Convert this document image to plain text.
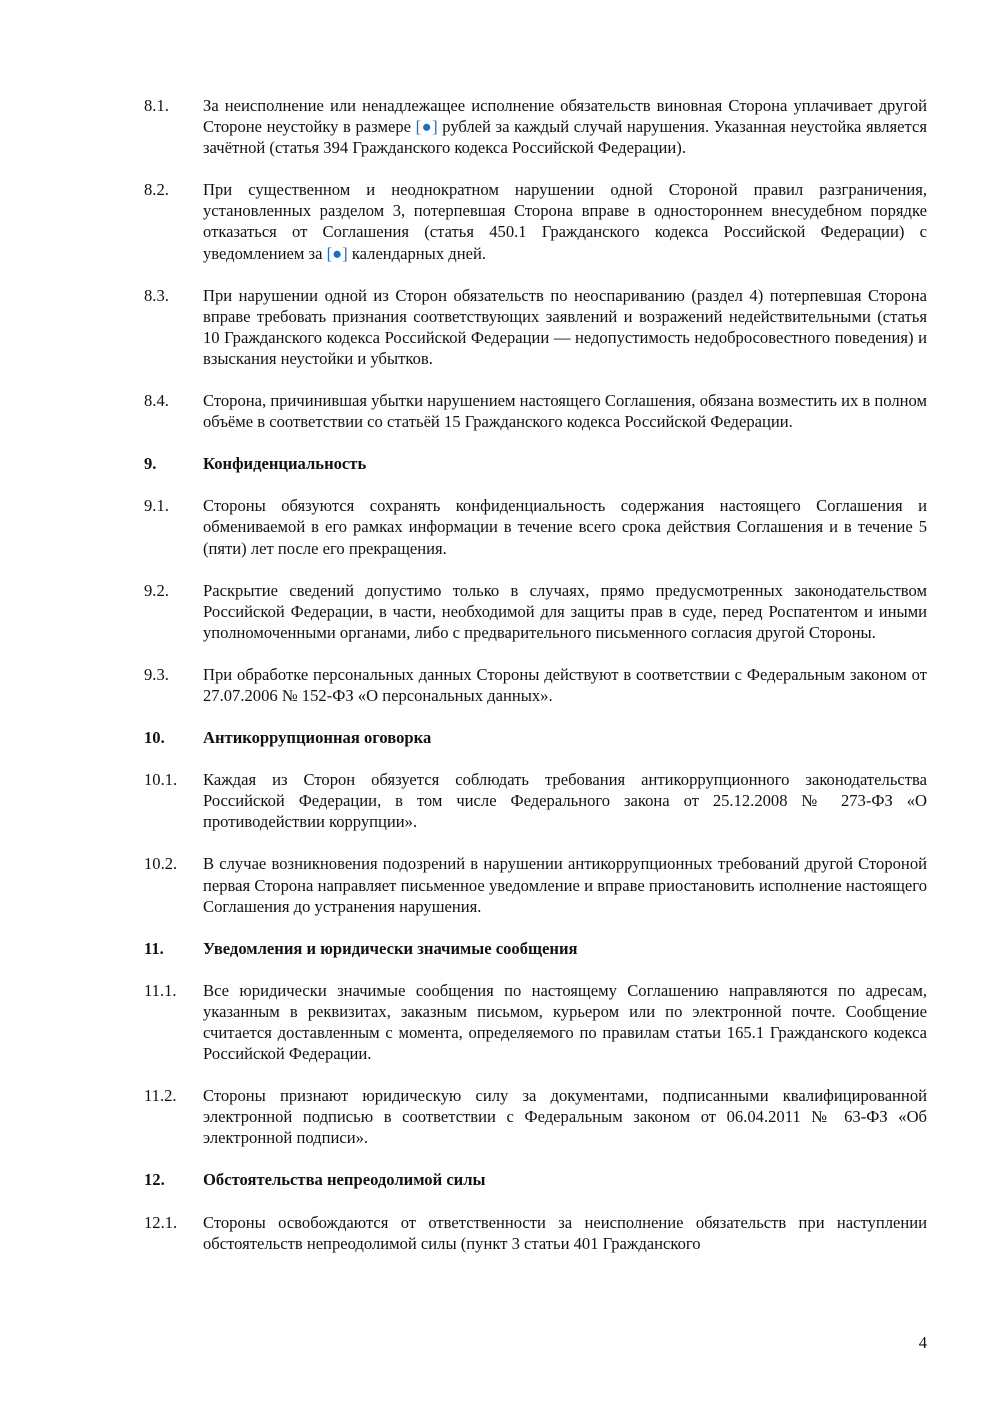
8.1.	За неисполнение или ненадлежащее исполнение обязательств виновная Сторона уплачивает другой Стороне неустойку в размере [●] рублей за каждый случай нарушения. Указанная неустойка является зачётной (статья 394 Гражданского кодекса Российской Федерации).
8.2.	При существенном и неоднократном нарушении одной Стороной правил разграничения, установленных разделом 3, потерпевшая Сторона вправе в одностороннем внесудебном порядке отказаться от Соглашения (статья 450.1 Гражданского кодекса Российской Федерации) с уведомлением за [●] календарных дней.
8.3.	При нарушении одной из Сторон обязательств по неоспариванию (раздел 4) потерпевшая Сторона вправе требовать признания соответствующих заявлений и возражений недействительными (статья 10 Гражданского кодекса Российской Федерации — недопустимость недобросовестного поведения) и взыскания неустойки и убытков.
8.4.	Сторона, причинившая убытки нарушением настоящего Соглашения, обязана возместить их в полном объёме в соответствии со статьёй 15 Гражданского кодекса Российской Федерации.
9.	Конфиденциальность
9.1.	Стороны обязуются сохранять конфиденциальность содержания настоящего Соглашения и обмениваемой в его рамках информации в течение всего срока действия Соглашения и в течение 5 (пяти) лет после его прекращения.
9.2.	Раскрытие сведений допустимо только в случаях, прямо предусмотренных законодательством Российской Федерации, в части, необходимой для защиты прав в суде, перед Роспатентом и иными уполномоченными органами, либо с предварительного письменного согласия другой Стороны.
9.3.	При обработке персональных данных Стороны действуют в соответствии с Федеральным законом от 27.07.2006 № 152-ФЗ «О персональных данных».
10.	Антикоррупционная оговорка
10.1.	Каждая из Сторон обязуется соблюдать требования антикоррупционного законодательства Российской Федерации, в том числе Федерального закона от 25.12.2008 № 273-ФЗ «О противодействии коррупции».
10.2.	В случае возникновения подозрений в нарушении антикоррупционных требований другой Стороной первая Сторона направляет письменное уведомление и вправе приостановить исполнение настоящего Соглашения до устранения нарушения.
11.	Уведомления и юридически значимые сообщения
11.1.	Все юридически значимые сообщения по настоящему Соглашению направляются по адресам, указанным в реквизитах, заказным письмом, курьером или по электронной почте. Сообщение считается доставленным с момента, определяемого по правилам статьи 165.1 Гражданского кодекса Российской Федерации.
11.2.	Стороны признают юридическую силу за документами, подписанными квалифицированной электронной подписью в соответствии с Федеральным законом от 06.04.2011 № 63-ФЗ «Об электронной подписи».
12.	Обстоятельства непреодолимой силы
12.1.	Стороны освобождаются от ответственности за неисполнение обязательств при наступлении обстоятельств непреодолимой силы (пункт 3 статьи 401 Гражданского
4
